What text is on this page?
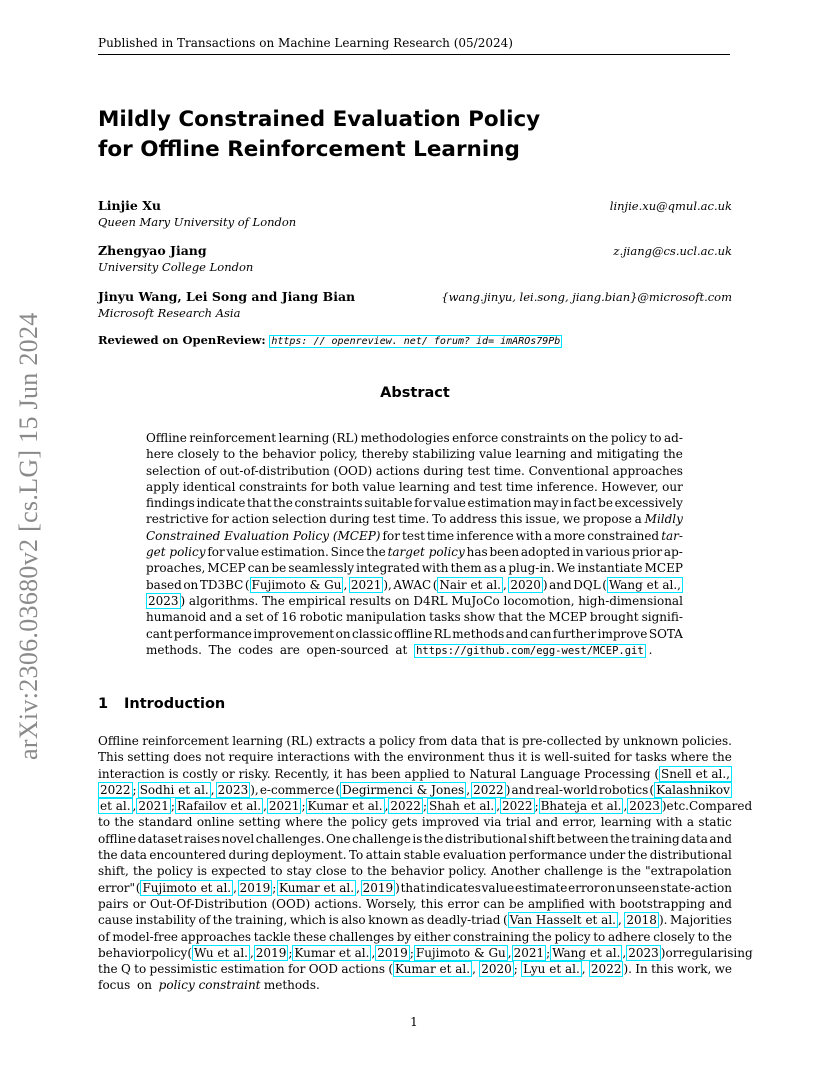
Published in Transactions on Machine Learning Research (05/2024)
arXiv:2306.03680v2 [cs.LG] 15 Jun 2024
Mildly Constrained Evaluation Policy
for Offline Reinforcement Learning
Linjie Xu	linjie.xu@qmul.ac.uk
Queen Mary University of London
Zhengyao Jiang	z.jiang@cs.ucl.ac.uk
University College London
Jinyu Wang, Lei Song and Jiang Bian	{wang.jinyu, lei.song, jiang.bian}@microsoft.com
Microsoft Research Asia
Reviewed on OpenReview: https: // openreview. net/ forum? id= imAROs79Pb
Abstract
Offline reinforcement learning (RL) methodologies enforce constraints on the policy to ad-
here closely to the behavior policy, thereby stabilizing value learning and mitigating the
selection of out-of-distribution (OOD) actions during test time. Conventional approaches
apply identical constraints for both value learning and test time inference. However, our
findings indicate that the constraints suitable for value estimation may in fact be excessively
restrictive for action selection during test time. To address this issue, we propose a Mildly
Constrained Evaluation Policy (MCEP) for test time inference with a more constrained tar-
get policy for value estimation. Since the target policy has been adopted in various prior ap-
proaches, MCEP can be seamlessly integrated with them as a plug-in. We instantiate MCEP
based on TD3BC ( Fujimoto & Gu , 2021 ), AWAC ( Nair et al. , 2020 ) and DQL ( Wang et al.,
2023 ) algorithms. The empirical results on D4RL MuJoCo locomotion, high-dimensional
humanoid and a set of 16 robotic manipulation tasks show that the MCEP brought signifi-
cant performance improvement on classic offline RL methods and can further improve SOTA
methods. The codes are open-sourced at https://github.com/egg-west/MCEP.git .
1 Introduction
Offline reinforcement learning (RL) extracts a policy from data that is pre-collected by unknown policies.
This setting does not require interactions with the environment thus it is well-suited for tasks where the
interaction is costly or risky. Recently, it has been applied to Natural Language Processing ( Snell et al.,
2022 ; Sodhi et al. , 2023 ), e-commerce ( Degirmenci & Jones , 2022 ) and real-world robotics ( Kalashnikov
et al. , 2021 ; Rafailov et al. , 2021 ; Kumar et al. , 2022 ; Shah et al. , 2022 ; Bhateja et al. , 2023 ) etc. Compared
to the standard online setting where the policy gets improved via trial and error, learning with a static
offline dataset raises novel challenges. One challenge is the distributional shift between the training data and
the data encountered during deployment. To attain stable evaluation performance under the distributional
shift, the policy is expected to stay close to the behavior policy. Another challenge is the "extrapolation
error" ( Fujimoto et al. , 2019 ; Kumar et al. , 2019 ) that indicates value estimate error on unseen state-action
pairs or Out-Of-Distribution (OOD) actions. Worsely, this error can be amplified with bootstrapping and
cause instability of the training, which is also known as deadly-triad ( Van Hasselt et al. , 2018 ). Majorities
of model-free approaches tackle these challenges by either constraining the policy to adhere closely to the
behavior policy ( Wu et al. , 2019 ; Kumar et al. , 2019 ; Fujimoto & Gu , 2021 ; Wang et al. , 2023 ) or regularising
the Q to pessimistic estimation for OOD actions ( Kumar et al. , 2020 ; Lyu et al. , 2022 ). In this work, we
focus on policy constraint methods.
1
